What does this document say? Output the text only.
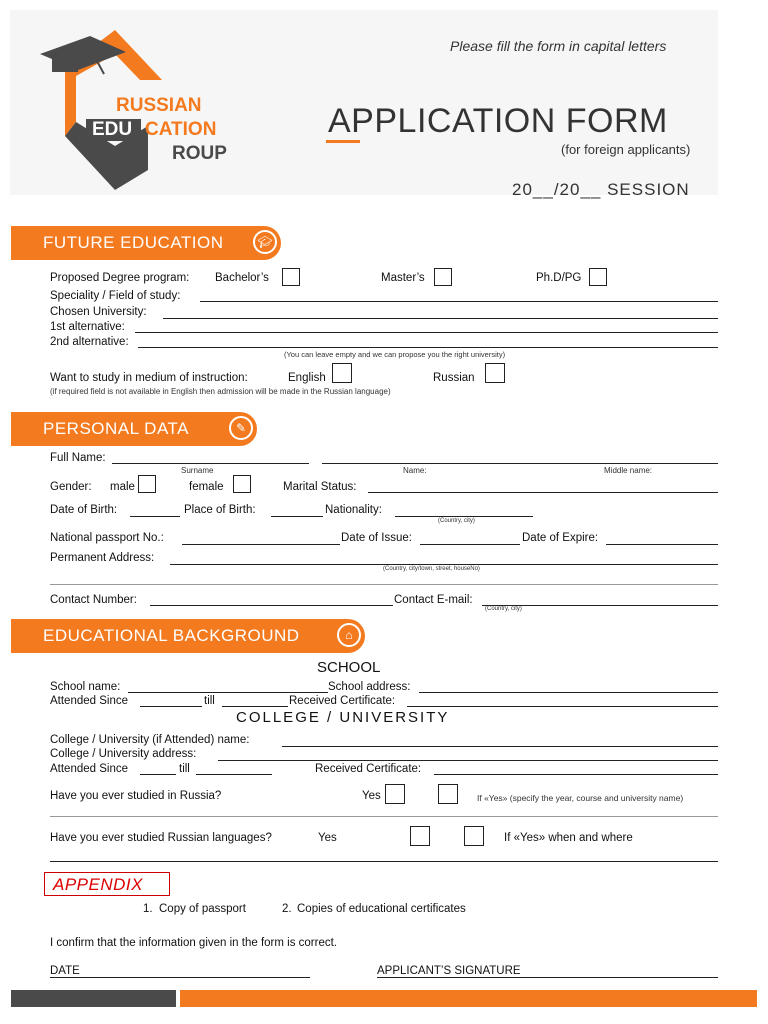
RUSSIAN
EDU CATION
ROUP
Please fill the form in capital letters
APPLICATION FORM
(for foreign applicants)
20__/20__ SESSION
FUTURE EDUCATION	🎓︎
Proposed Degree program: Bachelor’s	Master’s	Ph.D/PG
Speciality / Field of study:
Chosen University:
1st alternative:
2nd alternative:
(You can leave empty and we can propose you the right university)
Want to study in medium of instruction:	English	Russian
(if required field is not available in English then admission will be made in the Russian language)
PERSONAL DATA	✎
Full Name:
Surname	Name:	Middle name:
Gender: male	female	Marital Status:
Date of Birth:	Place of Birth:	Nationality:
(Country, city)
National passport No.:	Date of Issue:	Date of Expire:
Permanent Address:
(Country, city/town, street, houseNo)
Contact Number:	Contact E-mail:
(Country, city)
EDUCATIONAL BACKGROUND	⌂
SCHOOL
School name:	School address:
Attended Since	till	Received Certificate:
COLLEGE / UNIVERSITY
College / University (if Attended) name:
College / University address:
Attended Since	till	Received Certificate:
Have you ever studied in Russia?	Yes	If «Yes» (specify the year, course and university name)
Have you ever studied Russian languages?	Yes	If «Yes» when and where
APPENDIX
1. Copy of passport	2. Copies of educational certificates
I confirm that the information given in the form is correct.
DATE	APPLICANT’S SIGNATURE
